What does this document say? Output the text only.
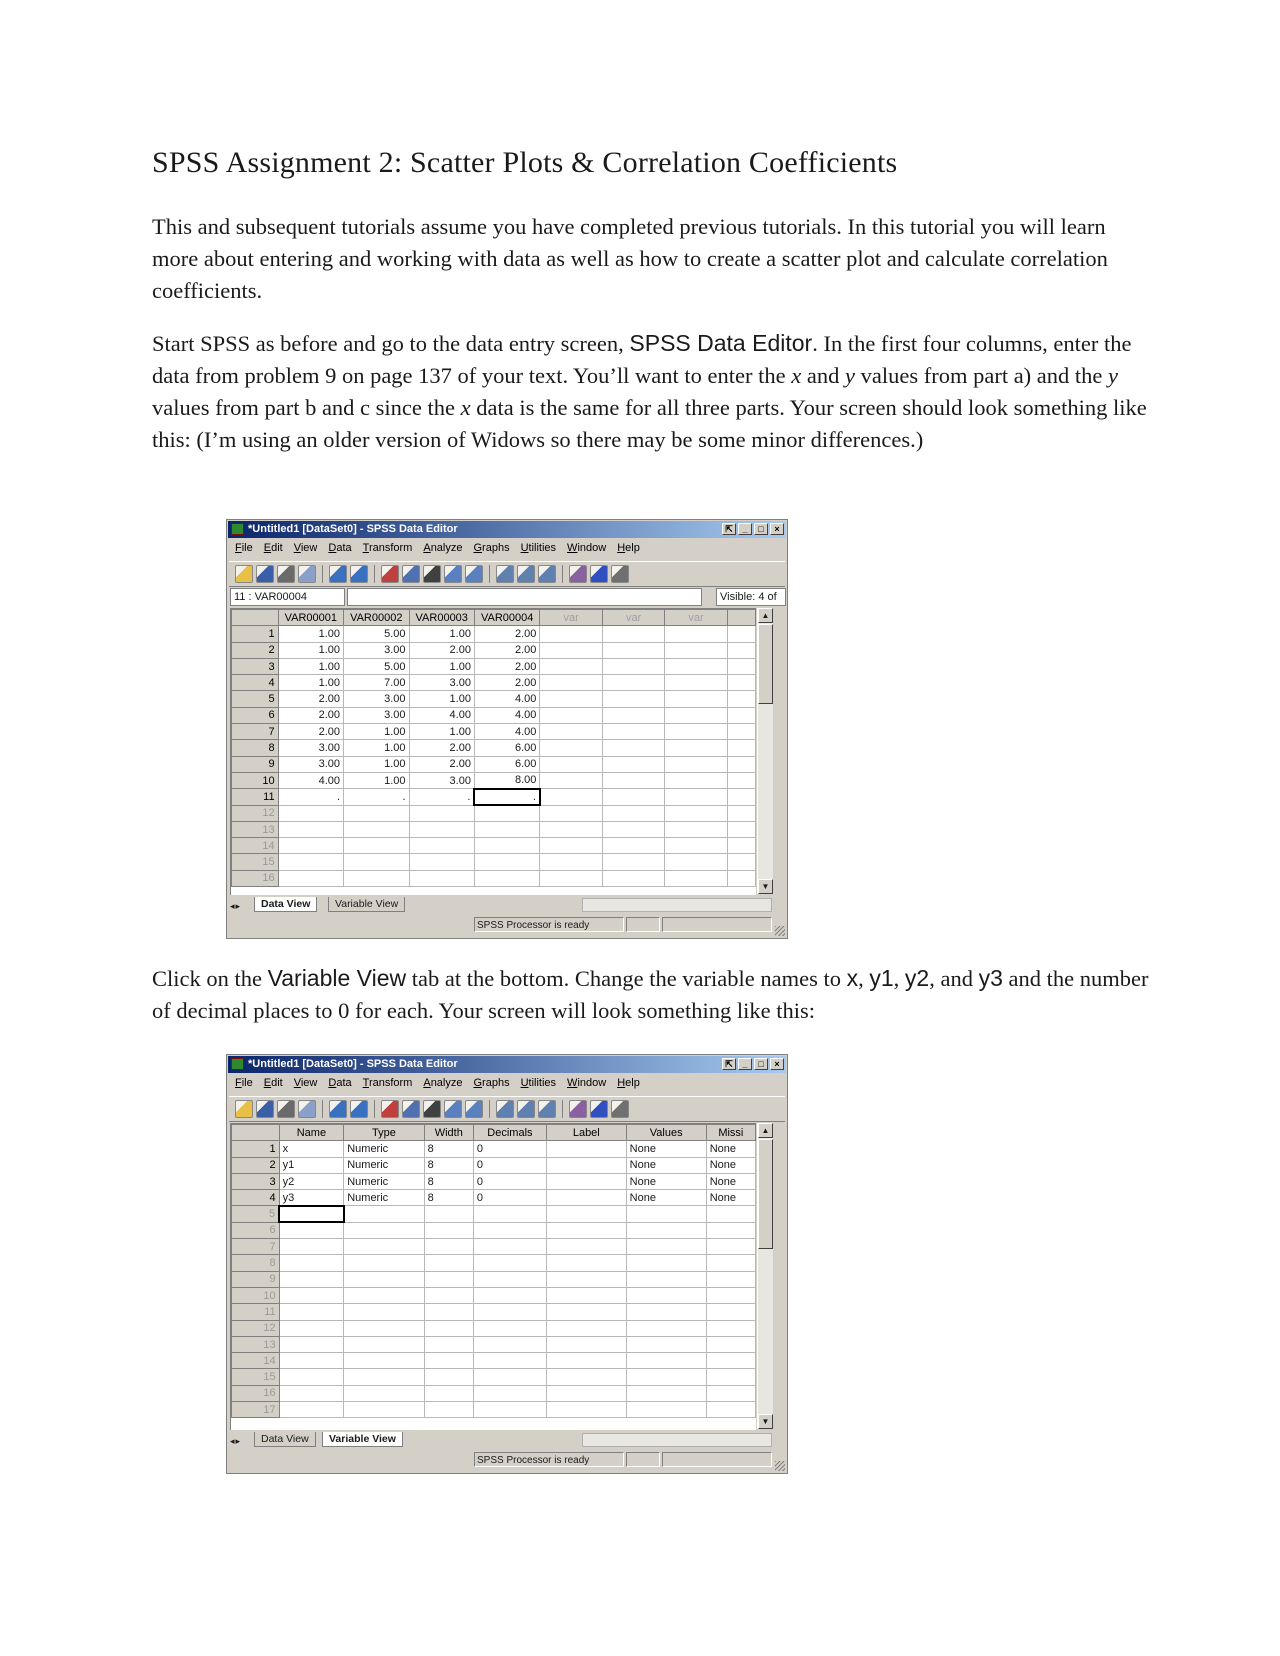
SPSS Assignment 2: Scatter Plots & Correlation Coefficients

This and subsequent tutorials assume you have completed previous tutorials. In this tutorial you will learn more about entering and working with data as well as how to create a scatter plot and calculate correlation coefficients.

Start SPSS as before and go to the data entry screen, SPSS Data Editor. In the first four columns, enter the data from problem 9 on page 137 of your text. You’ll want to enter the x and y values from part a) and the y values from part b and c since the x data is the same for all three parts. Your screen should look something like this: (I’m using an older version of Widows so there may be some minor differences.)

*Untitled1 [DataSet0] - SPSS Data Editor	⇱	_	□	×
File Edit View Data Transform Analyze Graphs Utilities Window Help
11 : VAR00004	Visible: 4 of
	VAR00001	VAR00002	VAR00003	VAR00004	var	var	var	
1	1.00	5.00	1.00	2.00				
2	1.00	3.00	2.00	2.00				
3	1.00	5.00	1.00	2.00				
4	1.00	7.00	3.00	2.00				
5	2.00	3.00	1.00	4.00				
6	2.00	3.00	4.00	4.00				
7	2.00	1.00	1.00	4.00				
8	3.00	1.00	2.00	6.00				
9	3.00	1.00	2.00	6.00				
10	4.00	1.00	3.00	8.00				
11	.	.	.	.				
12								
13								
14								
15								
16								
▲
▼
◂▸	Data View	Variable View
SPSS Processor is ready

Click on the Variable View tab at the bottom. Change the variable names to x, y1, y2, and y3 and the number of decimal places to 0 for each. Your screen will look something like this:

*Untitled1 [DataSet0] - SPSS Data Editor	⇱	_	□	×
File Edit View Data Transform Analyze Graphs Utilities Window Help
	Name	Type	Width	Decimals	Label	Values	Missi
1	x	Numeric	8	0		None	None
2	y1	Numeric	8	0		None	None
3	y2	Numeric	8	0		None	None
4	y3	Numeric	8	0		None	None
5							
6							
7							
8							
9							
10							
11							
12							
13							
14							
15							
16							
17							
▲
▼
◂▸	Data View	Variable View
SPSS Processor is ready
